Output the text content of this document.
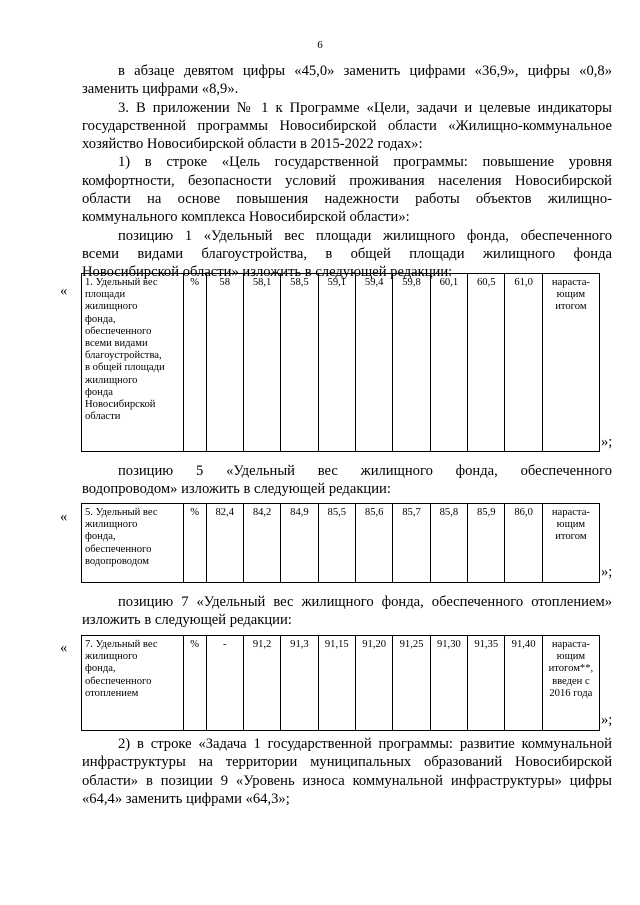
6
в абзаце девятом цифры «45,0» заменить цифрами «36,9», цифры «0,8»
заменить цифрами «8,9».
3. В приложении № 1 к Программе «Цели, задачи и целевые индикаторы
государственной программы Новосибирской области «Жилищно-коммунальное
хозяйство Новосибирской области в 2015-2022 годах»:
1) в строке «Цель государственной программы: повышение уровня
комфортности, безопасности условий проживания населения Новосибирской
области на основе повышения надежности работы объектов жилищно-
коммунального комплекса Новосибирской области»:
позицию 1 «Удельный вес площади жилищного фонда, обеспеченного
всеми видами благоустройства, в общей площади жилищного фонда
Новосибирской области» изложить в следующей редакции:
«
1. Удельный вес
площади
жилищного
фонда,
обеспеченного
всеми видами
благоустройства,
в общей площади
жилищного
фонда
Новосибирской
области
	%	58	58,1	58,5	59,1	59,4	59,8	60,1	60,5	61,0	нараста-
ющим
итогом
»;
позицию 5 «Удельный вес жилищного фонда, обеспеченного
водопроводом» изложить в следующей редакции:
« 5. Удельный вес
жилищного
фонда,
обеспеченного
водопроводом
	%	82,4	84,2	84,9	85,5	85,6	85,7	85,8	85,9	86,0	нараста-
ющим
итогом
»;
позицию 7 «Удельный вес жилищного фонда, обеспеченного отоплением»
изложить в следующей редакции:
« 7. Удельный вес
жилищного
фонда,
обеспеченного
отоплением
	%	-	91,2	91,3	91,15	91,20	91,25	91,30	91,35	91,40	нараста-
ющим
итогом**,
введен с
2016 года
»;
2) в строке «Задача 1 государственной программы: развитие коммунальной
инфраструктуры на территории муниципальных образований Новосибирской
области» в позиции 9 «Уровень износа коммунальной инфраструктуры» цифры
«64,4» заменить цифрами «64,3»;
